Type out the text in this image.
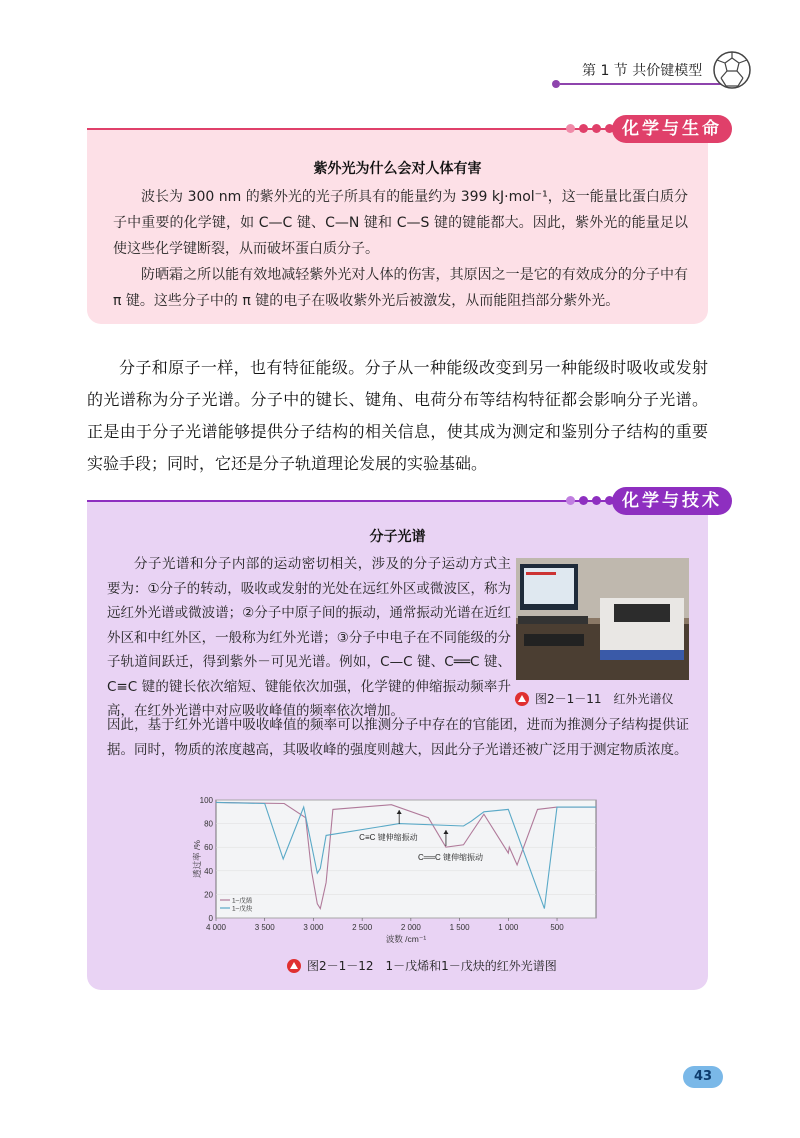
第 1 节 共价键模型
紫外光为什么会对人体有害
波长为 300 nm 的紫外光的光子所具有的能量约为 399 kJ·mol⁻¹，这一能量比蛋白质分子中重要的化学键，如 C—C 键、C—N 键和 C—S 键的键能都大。因此，紫外光的能量足以使这些化学键断裂，从而破坏蛋白质分子。
防晒霜之所以能有效地减轻紫外光对人体的伤害，其原因之一是它的有效成分的分子中有 π 键。这些分子中的 π 键的电子在吸收紫外光后被激发，从而能阻挡部分紫外光。
化学与生命
分子和原子一样，也有特征能级。分子从一种能级改变到另一种能级时吸收或发射的光谱称为分子光谱。分子中的键长、键角、电荷分布等结构特征都会影响分子光谱。正是由于分子光谱能够提供分子结构的相关信息，使其成为测定和鉴别分子结构的重要实验手段；同时，它还是分子轨道理论发展的实验基础。
分子光谱
分子光谱和分子内部的运动密切相关，涉及的分子运动方式主要为：①分子的转动，吸收或发射的光处在远红外区或微波区，称为远红外光谱或微波谱；②分子中原子间的振动，通常振动光谱在近红外区和中红外区，一般称为红外光谱；③分子中电子在不同能级的分子轨道间跃迁，得到紫外－可见光谱。例如，C—C 键、C══C 键、C≡C 键的键长依次缩短、键能依次加强，化学键的伸缩振动频率升高，在红外光谱中对应吸收峰值的频率依次增加。
因此，基于红外光谱中吸收峰值的频率可以推测分子中存在的官能团，进而为推测分子结构提供证据。同时，物质的浓度越高，其吸收峰的强度则越大，因此分子光谱还被广泛用于测定物质浓度。
化学与技术
图2－1－11　红外光谱仪
0
20
40
60
80
100
4 000	3 500	3 000	2 500	2 000	1 500	1 000	500
波数 /cm⁻¹
透过率 /%
C≡C 键伸缩振动
C══C 键伸缩振动
1–戊烯
1–戊炔
图2－1－12　1－戊烯和1－戊炔的红外光谱图
43
